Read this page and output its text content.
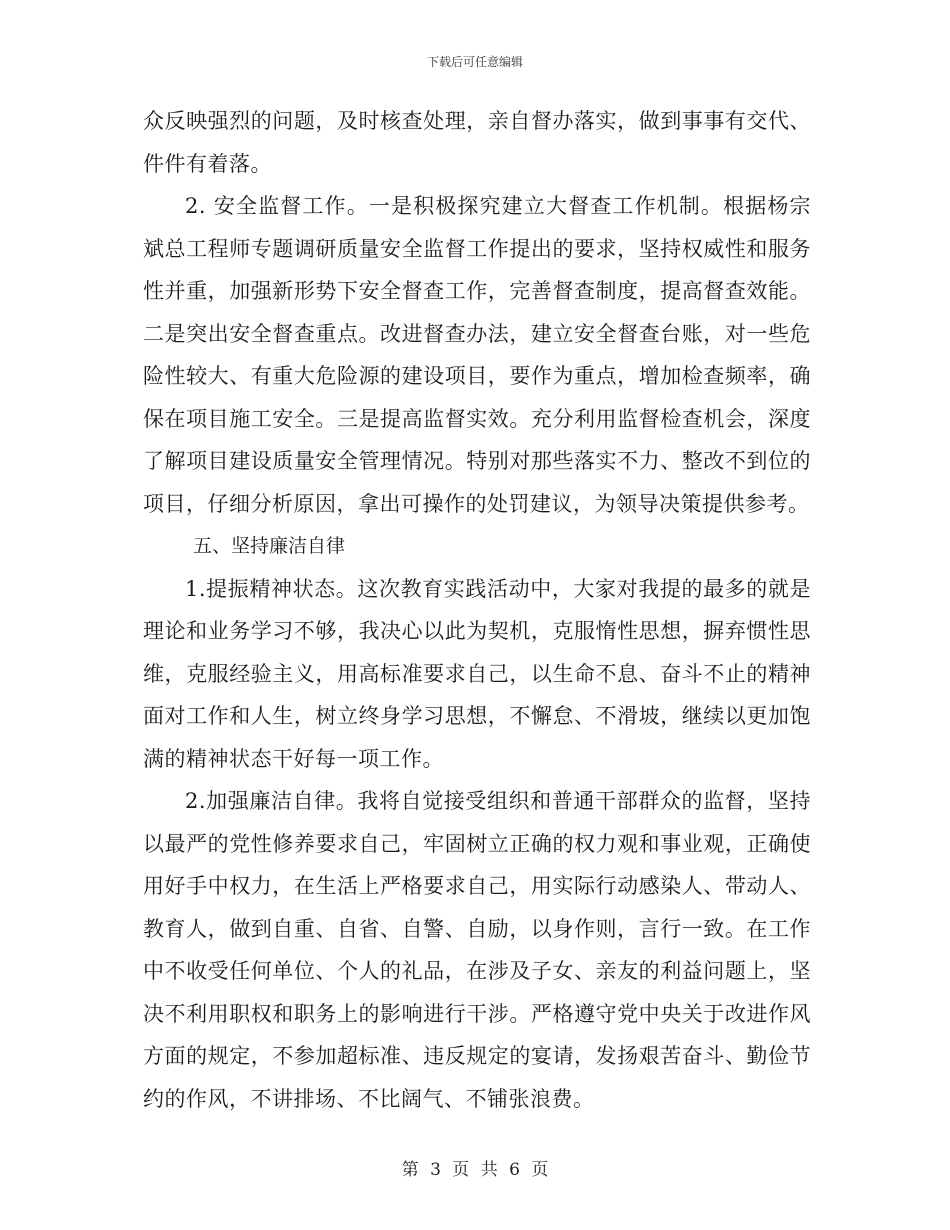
下载后可任意编辑

众反映强烈的问题，及时核查处理，亲自督办落实，做到事事有交代、件件有着落。

2. 安全监督工作。一是积极探究建立大督查工作机制。根据杨宗斌总工程师专题调研质量安全监督工作提出的要求，坚持权威性和服务性并重，加强新形势下安全督查工作，完善督查制度，提高督查效能。二是突出安全督查重点。改进督查办法，建立安全督查台账，对一些危险性较大、有重大危险源的建设项目，要作为重点，增加检查频率，确保在项目施工安全。三是提高监督实效。充分利用监督检查机会，深度了解项目建设质量安全管理情况。特别对那些落实不力、整改不到位的项目，仔细分析原因，拿出可操作的处罚建议，为领导决策提供参考。

五、坚持廉洁自律

1.提振精神状态。这次教育实践活动中，大家对我提的最多的就是理论和业务学习不够，我决心以此为契机，克服惰性思想，摒弃惯性思维，克服经验主义，用高标准要求自己，以生命不息、奋斗不止的精神面对工作和人生，树立终身学习思想，不懈怠、不滑坡，继续以更加饱满的精神状态干好每一项工作。

2.加强廉洁自律。我将自觉接受组织和普通干部群众的监督，坚持以最严的党性修养要求自己，牢固树立正确的权力观和事业观，正确使用好手中权力，在生活上严格要求自己，用实际行动感染人、带动人、教育人，做到自重、自省、自警、自励，以身作则，言行一致。在工作中不收受任何单位、个人的礼品，在涉及子女、亲友的利益问题上，坚决不利用职权和职务上的影响进行干涉。严格遵守党中央关于改进作风方面的规定，不参加超标准、违反规定的宴请，发扬艰苦奋斗、勤俭节约的作风，不讲排场、不比阔气、不铺张浪费。

第 3 页 共 6 页
